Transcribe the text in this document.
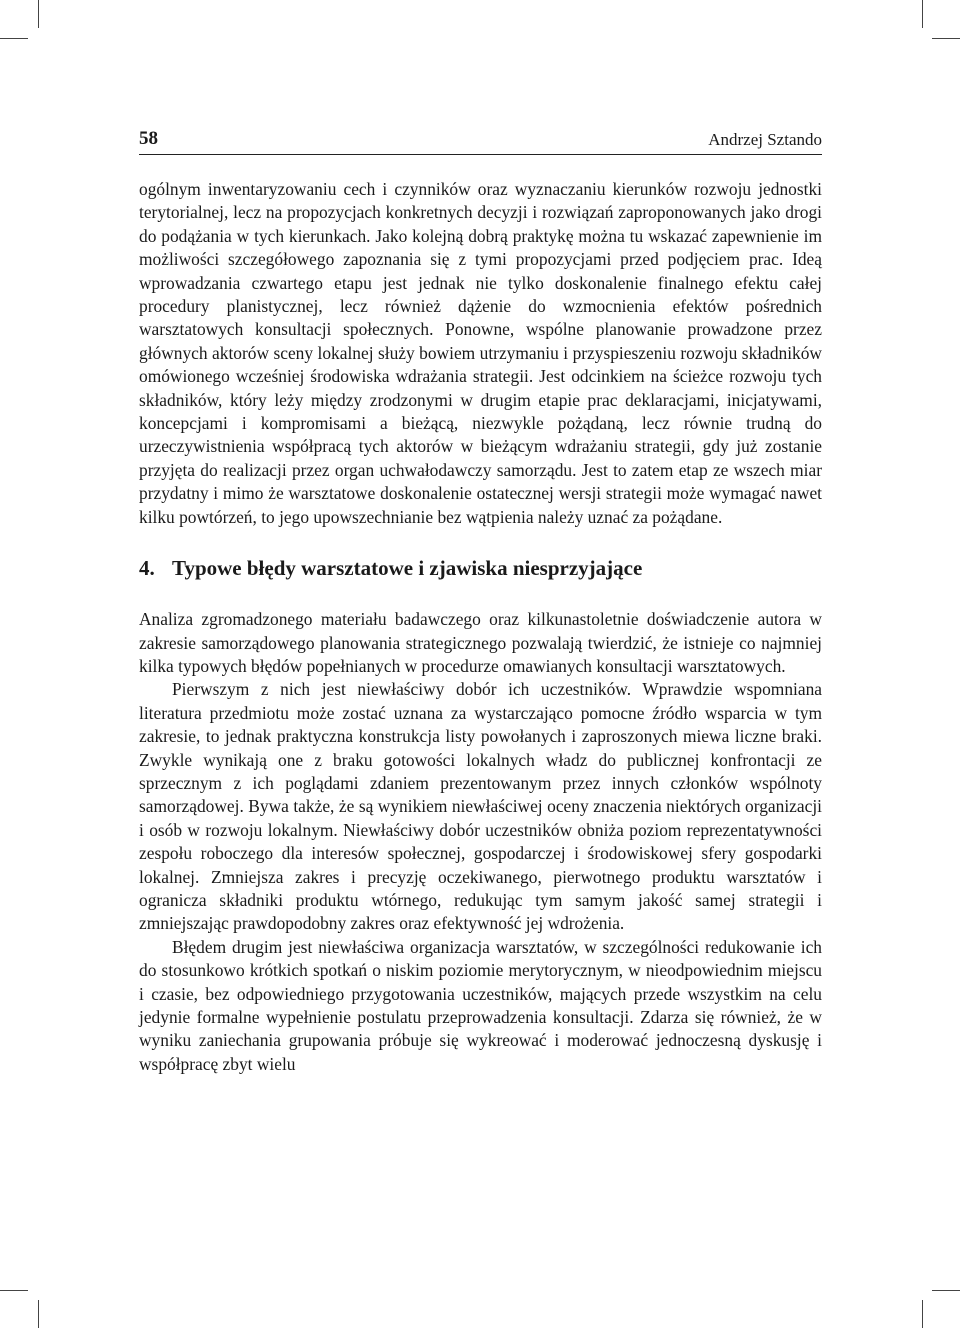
58	Andrzej Sztando

ogólnym inwentaryzowaniu cech i czynników oraz wyznaczaniu kierunków rozwoju jednostki terytorialnej, lecz na propozycjach konkretnych decyzji i rozwiązań zaproponowanych jako drogi do podążania w tych kierunkach. Jako kolejną dobrą praktykę można tu wskazać zapewnienie im możliwości szczegółowego zapoznania się z tymi propozycjami przed podjęciem prac. Ideą wprowadzania czwartego etapu jest jednak nie tylko doskonalenie finalnego efektu całej procedury planistycznej, lecz również dążenie do wzmocnienia efektów pośrednich warsztatowych konsultacji społecznych. Ponowne, wspólne planowanie prowadzone przez głównych aktorów sceny lokalnej służy bowiem utrzymaniu i przyspieszeniu rozwoju składników omówionego wcześniej środowiska wdrażania strategii. Jest odcinkiem na ścieżce rozwoju tych składników, który leży między zrodzonymi w drugim etapie prac deklaracjami, inicjatywami, koncepcjami i kompromisami a bieżącą, niezwykle pożądaną, lecz równie trudną do urzeczywistnienia współpracą tych aktorów w bieżącym wdrażaniu strategii, gdy już zostanie przyjęta do realizacji przez organ uchwałodawczy samorządu. Jest to zatem etap ze wszech miar przydatny i mimo że warsztatowe doskonalenie ostatecznej wersji strategii może wymagać nawet kilku powtórzeń, to jego upowszechnianie bez wątpienia należy uznać za pożądane.

4. Typowe błędy warsztatowe i zjawiska niesprzyjające

Analiza zgromadzonego materiału badawczego oraz kilkunastoletnie doświadczenie autora w zakresie samorządowego planowania strategicznego pozwalają twierdzić, że istnieje co najmniej kilka typowych błędów popełnianych w procedurze omawianych konsultacji warsztatowych.

Pierwszym z nich jest niewłaściwy dobór ich uczestników. Wprawdzie wspomniana literatura przedmiotu może zostać uznana za wystarczająco pomocne źródło wsparcia w tym zakresie, to jednak praktyczna konstrukcja listy powołanych i zaproszonych miewa liczne braki. Zwykle wynikają one z braku gotowości lokalnych władz do publicznej konfrontacji ze sprzecznym z ich poglądami zdaniem prezentowanym przez innych członków wspólnoty samorządowej. Bywa także, że są wynikiem niewłaściwej oceny znaczenia niektórych organizacji i osób w rozwoju lokalnym. Niewłaściwy dobór uczestników obniża poziom reprezentatywności zespołu roboczego dla interesów społecznej, gospodarczej i środowiskowej sfery gospodarki lokalnej. Zmniejsza zakres i precyzję oczekiwanego, pierwotnego produktu warsztatów i ogranicza składniki produktu wtórnego, redukując tym samym jakość samej strategii i zmniejszając prawdopodobny zakres oraz efektywność jej wdrożenia.

Błędem drugim jest niewłaściwa organizacja warsztatów, w szczególności redukowanie ich do stosunkowo krótkich spotkań o niskim poziomie merytorycznym, w nieodpowiednim miejscu i czasie, bez odpowiedniego przygotowania uczestników, mających przede wszystkim na celu jedynie formalne wypełnienie postulatu przeprowadzenia konsultacji. Zdarza się również, że w wyniku zaniechania grupowania próbuje się wykreować i moderować jednoczesną dyskusję i współpracę zbyt wielu
